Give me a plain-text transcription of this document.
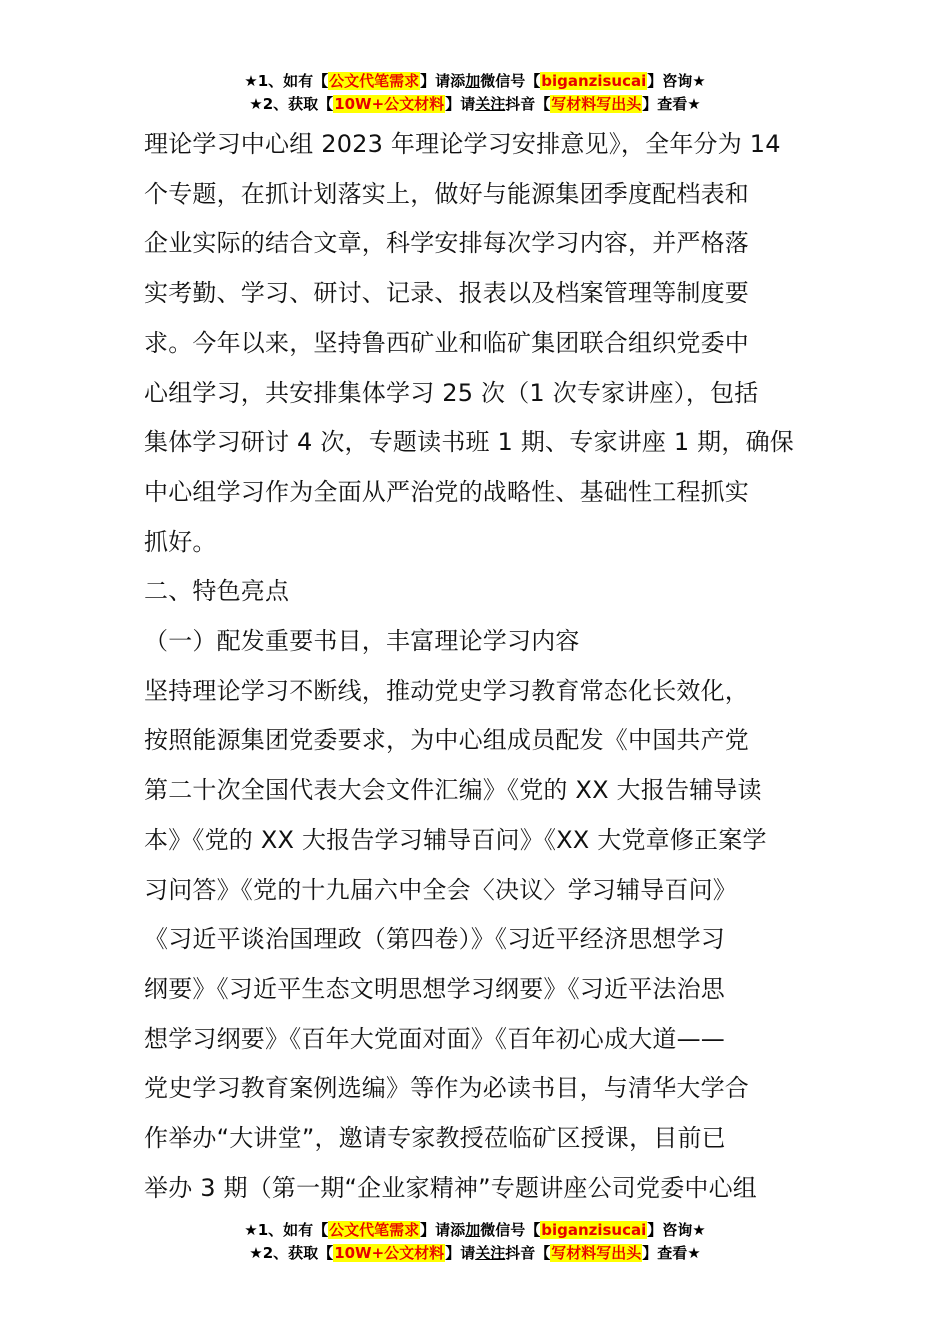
★1、如有【公文代笔需求】请添加微信号【biganzisucai】咨询★
★2、获取【10W+公文材料】请关注抖音【写材料写出头】查看★

理论学习中心组 2023 年理论学习安排意见》，全年分为 14

个专题，在抓计划落实上，做好与能源集团季度配档表和

企业实际的结合文章，科学安排每次学习内容，并严格落

实考勤、学习、研讨、记录、报表以及档案管理等制度要

求。今年以来，坚持鲁西矿业和临矿集团联合组织党委中

心组学习，共安排集体学习 25 次（1 次专家讲座），包括

集体学习研讨 4 次，专题读书班 1 期、专家讲座 1 期，确保

中心组学习作为全面从严治党的战略性、基础性工程抓实

抓好。

二、特色亮点

（一）配发重要书目，丰富理论学习内容

坚持理论学习不断线，推动党史学习教育常态化长效化，

按照能源集团党委要求，为中心组成员配发《中国共产党

第二十次全国代表大会文件汇编》《党的 XX 大报告辅导读

本》《党的 XX 大报告学习辅导百问》《XX 大党章修正案学

习问答》《党的十九届六中全会〈决议〉学习辅导百问》

《习近平谈治国理政（第四卷）》《习近平经济思想学习

纲要》《习近平生态文明思想学习纲要》《习近平法治思

想学习纲要》《百年大党面对面》《百年初心成大道——

党史学习教育案例选编》等作为必读书目，与清华大学合

作举办“大讲堂”，邀请专家教授莅临矿区授课，目前已

举办 3 期（第一期“企业家精神”专题讲座公司党委中心组

★1、如有【公文代笔需求】请添加微信号【biganzisucai】咨询★
★2、获取【10W+公文材料】请关注抖音【写材料写出头】查看★
